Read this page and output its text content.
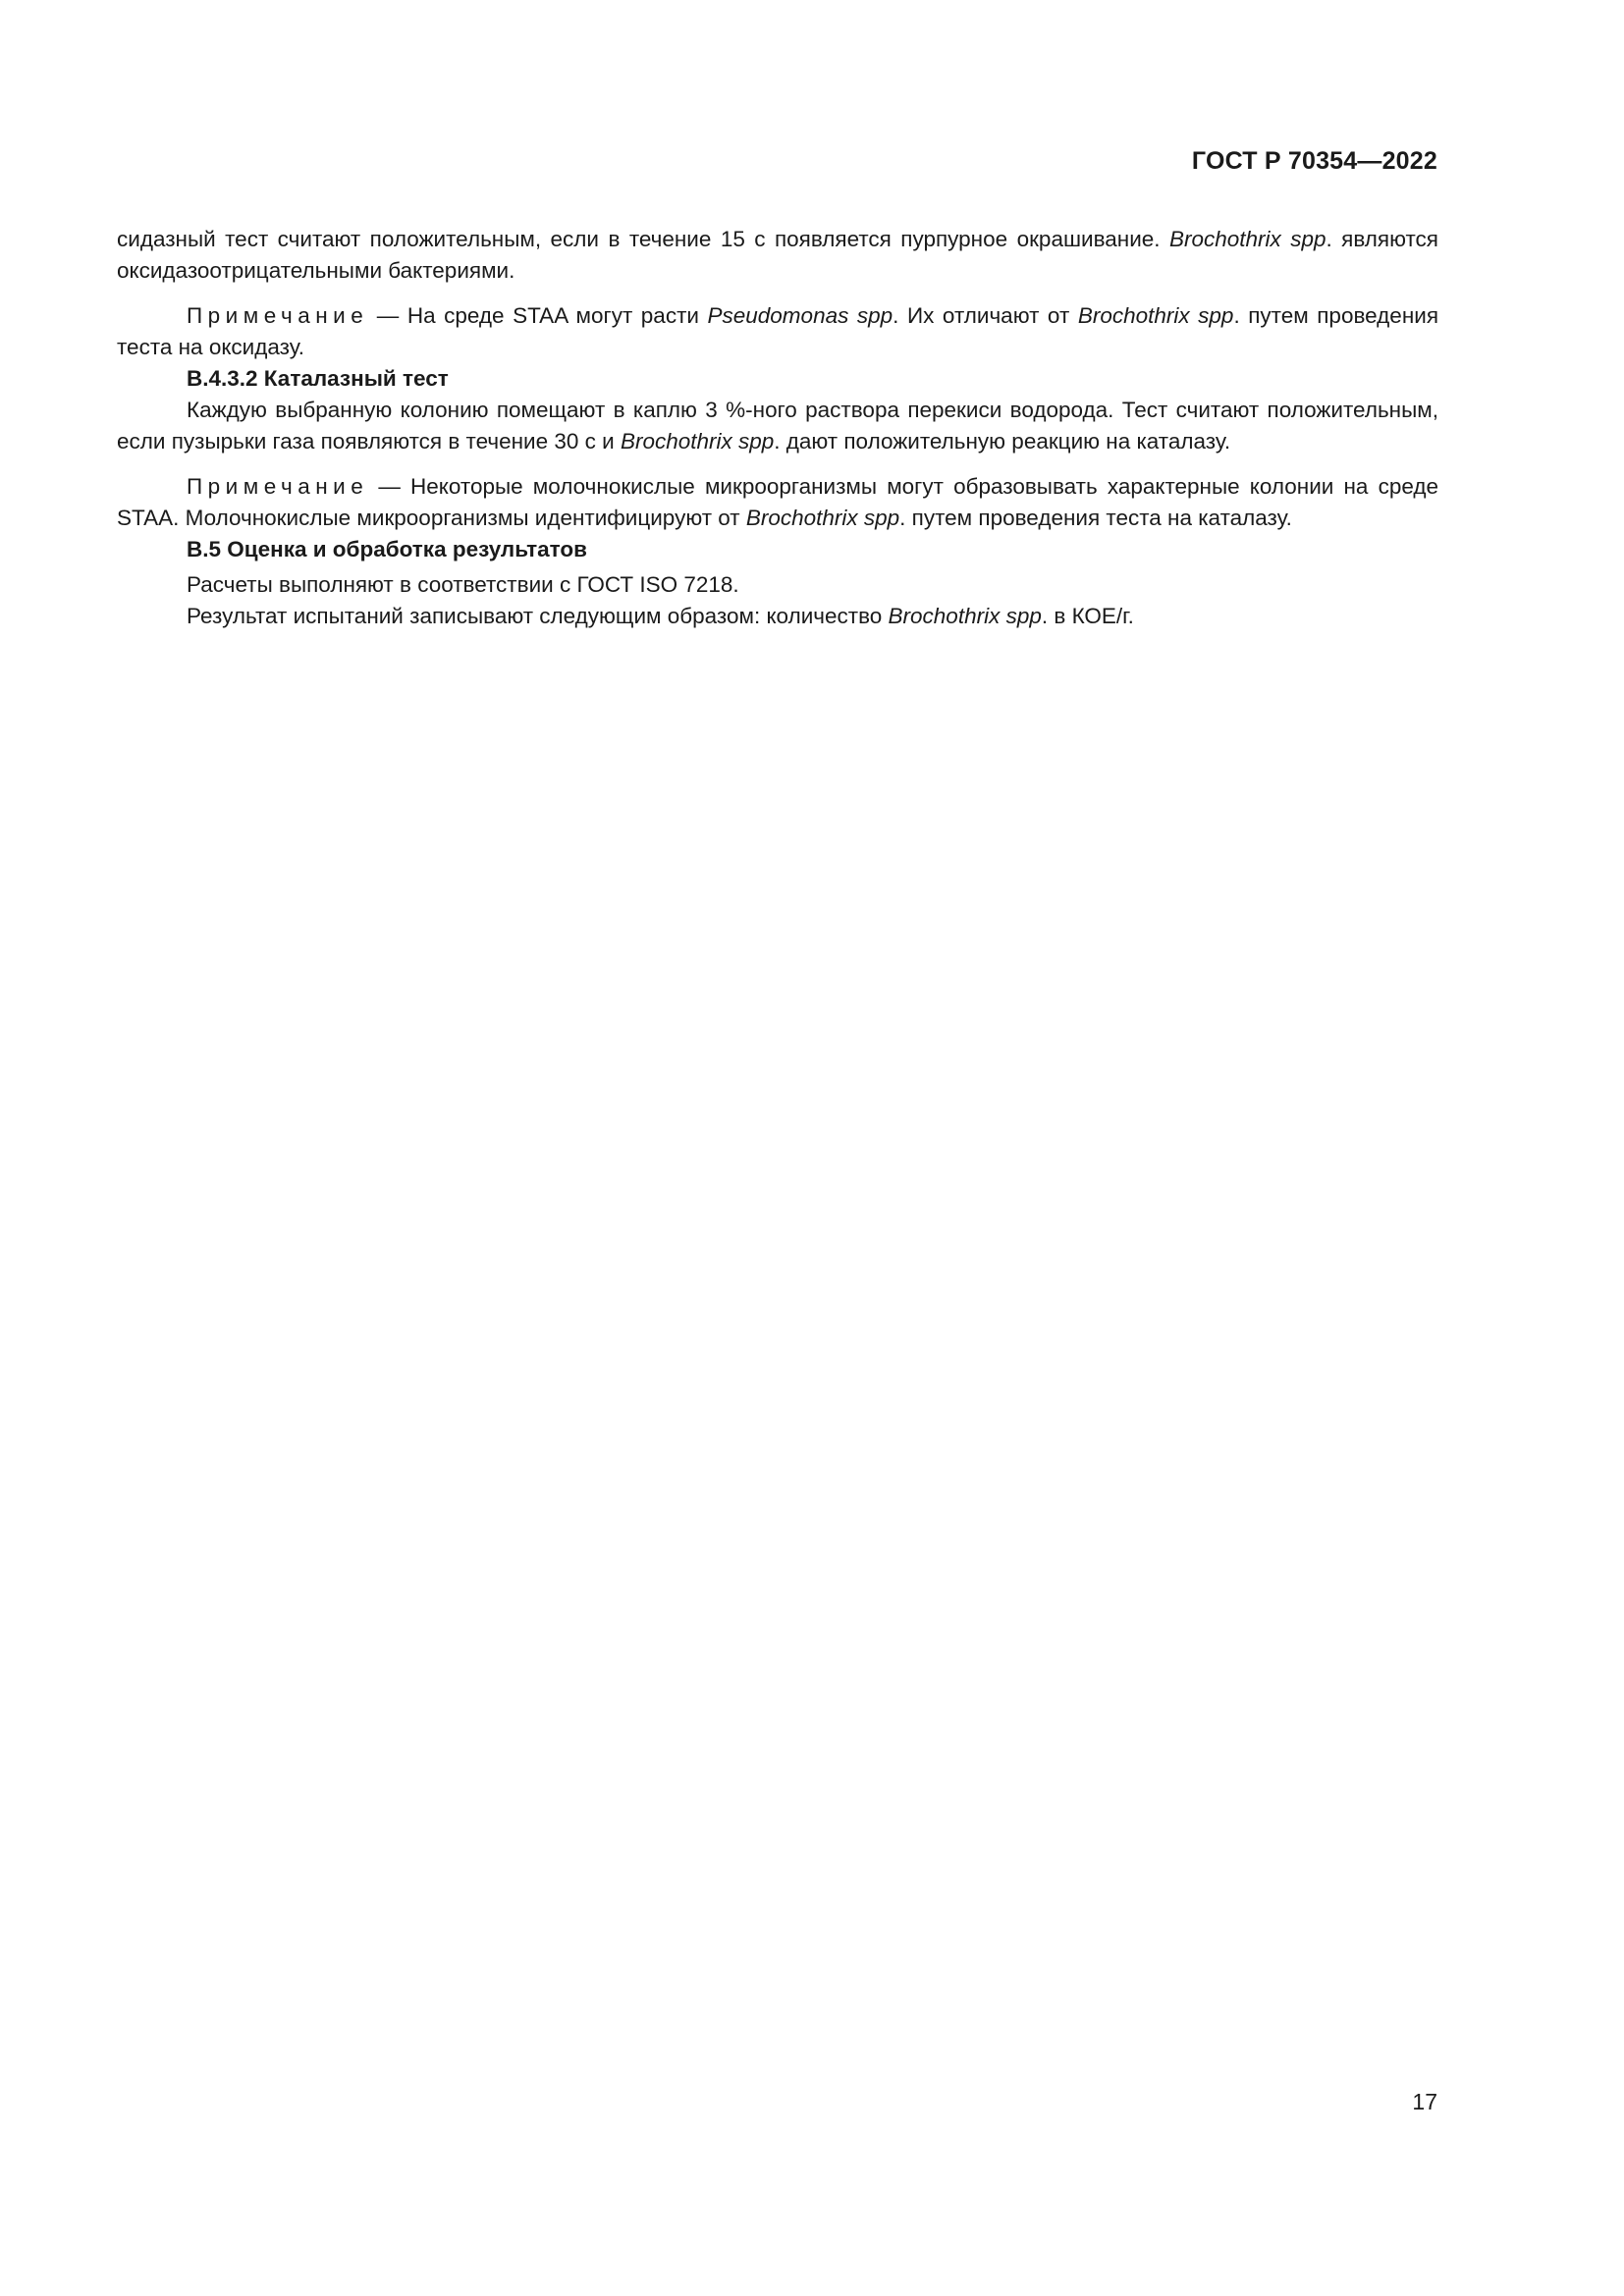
ГОСТ Р 70354—2022

сидазный тест считают положительным, если в течение 15 с появляется пурпурное окрашивание. Brochothrix spp. являются оксидазоотрицательными бактериями.

Примечание — На среде STAA могут расти Pseudomonas spp. Их отличают от Brochothrix spp. путем проведения теста на оксидазу.

В.4.3.2 Каталазный тест

Каждую выбранную колонию помещают в каплю 3 %-ного раствора перекиси водорода. Тест считают положительным, если пузырьки газа появляются в течение 30 с и Brochothrix spp. дают положительную реакцию на каталазу.

Примечание — Некоторые молочнокислые микроорганизмы могут образовывать характерные колонии на среде STAA. Молочнокислые микроорганизмы идентифицируют от Brochothrix spp. путем проведения теста на каталазу.

В.5 Оценка и обработка результатов

Расчеты выполняют в соответствии с ГОСТ ISO 7218.

Результат испытаний записывают следующим образом: количество Brochothrix spp. в КОЕ/г.

17
